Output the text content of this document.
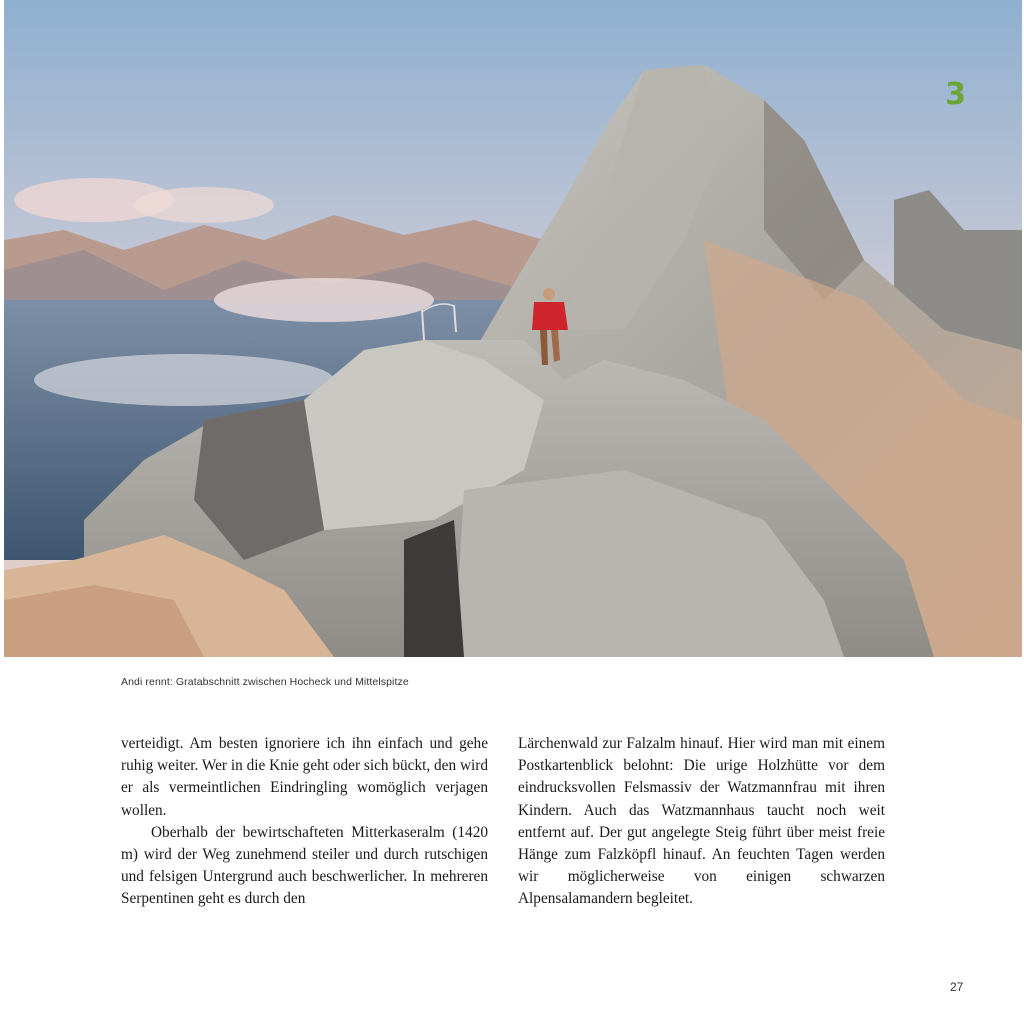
3
Andi rennt: Gratabschnitt zwischen Hocheck und Mittelspitze

verteidigt. Am besten ignoriere ich ihn einfach und gehe ruhig weiter. Wer in die Knie geht oder sich bückt, den wird er als vermeintlichen Eindringling womöglich verjagen wollen.

Oberhalb der bewirtschafteten Mitterkaseralm (1420 m) wird der Weg zunehmend steiler und durch rutschigen und felsigen Untergrund auch beschwerlicher. In mehreren Serpentinen geht es durch den

Lärchenwald zur Falzalm hinauf. Hier wird man mit einem Postkartenblick belohnt: Die urige Holzhütte vor dem eindrucksvollen Felsmassiv der Watzmannfrau mit ihren Kindern. Auch das Watzmannhaus taucht noch weit entfernt auf. Der gut angelegte Steig führt über meist freie Hänge zum Falzköpfl hinauf. An feuchten Tagen werden wir möglicherweise von einigen schwarzen Alpensalamandern begleitet.

27
